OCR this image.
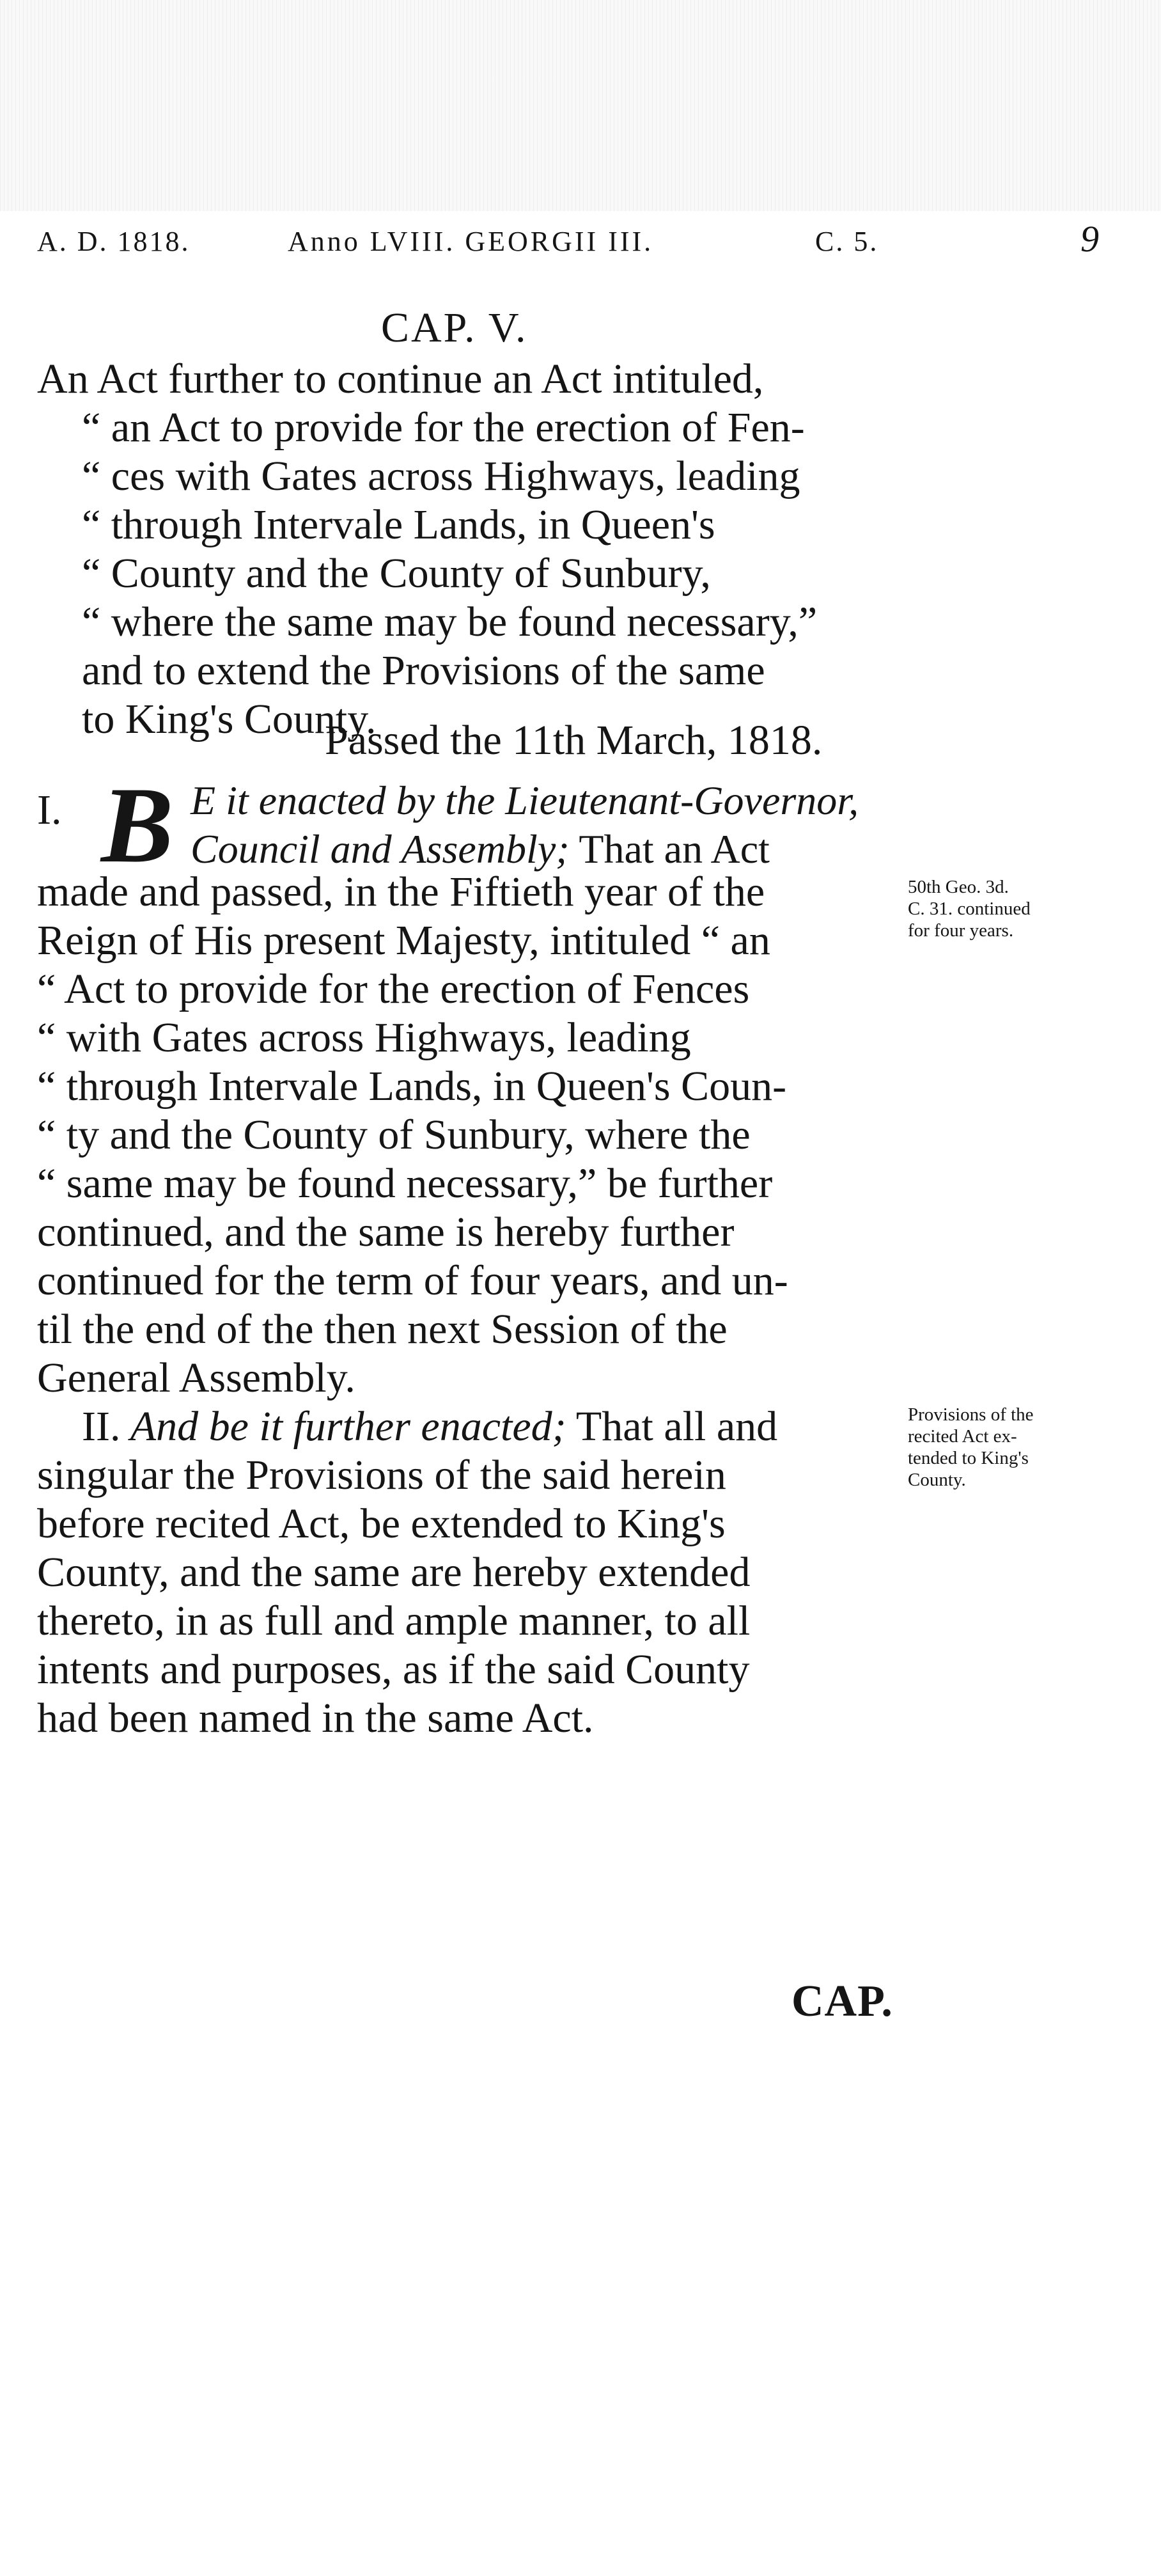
A. D. 1818.	Anno LVIII. GEORGII III.	C. 5.	9
CAP. V.
An Act further to continue an Act intituled,
“ an Act to provide for the erection of Fen-
“ ces with Gates across Highways, leading
“ through Intervale Lands, in Queen's
“ County and the County of Sunbury,
“ where the same may be found necessary,”
and to extend the Provisions of the same
to King's County.
Passed the 11th March, 1818.
I. B E it enacted by the Lieutenant-Governor,
Council and Assembly; That an Act
made and passed, in the Fiftieth year of the
Reign of His present Majesty, intituled “ an
“ Act to provide for the erection of Fences
“ with Gates across Highways, leading
“ through Intervale Lands, in Queen's Coun-
“ ty and the County of Sunbury, where the
“ same may be found necessary,” be further
continued, and the same is hereby further
continued for the term of four years, and un-
til the end of the then next Session of the
General Assembly.
50th Geo. 3d.
C. 31. continued
for four years.
II. And be it further enacted; That all and
singular the Provisions of the said herein
before recited Act, be extended to King's
County, and the same are hereby extended
thereto, in as full and ample manner, to all
intents and purposes, as if the said County
had been named in the same Act.
Provisions of the
recited Act ex-
tended to King's
County.
CAP.
